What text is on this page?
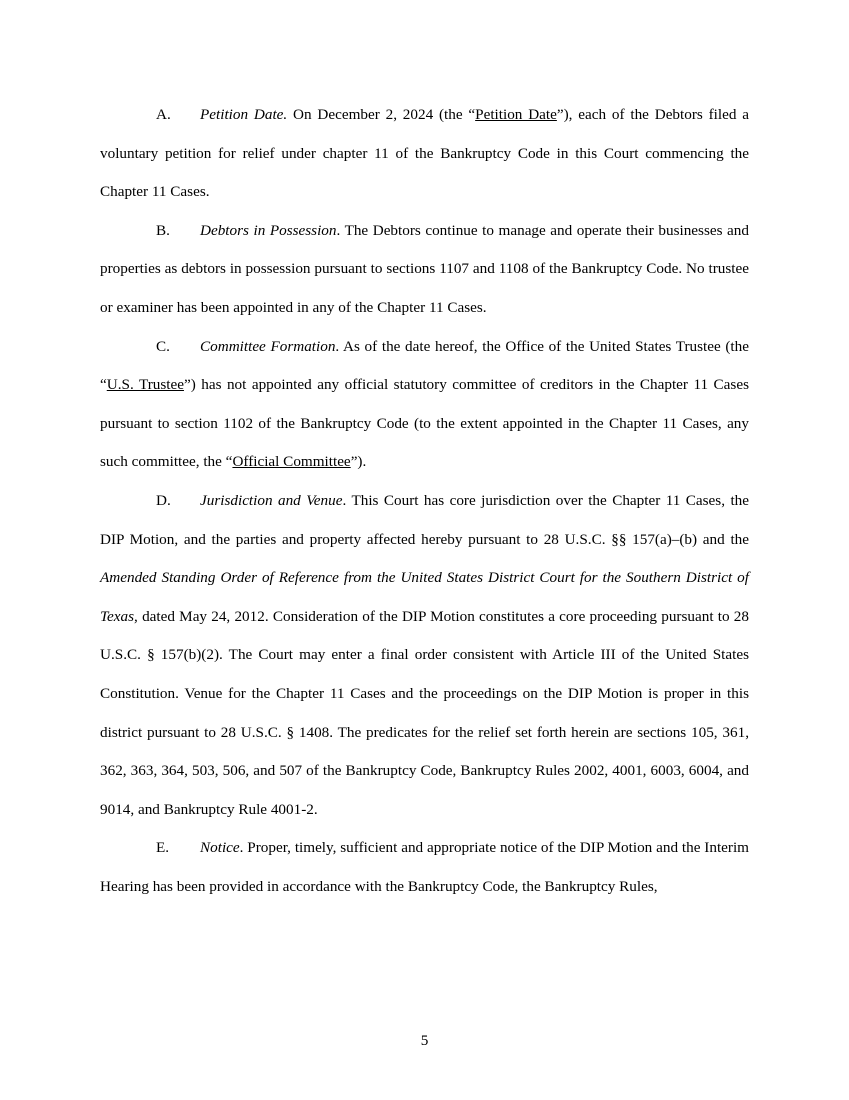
A. Petition Date. On December 2, 2024 (the “Petition Date”), each of the Debtors filed a voluntary petition for relief under chapter 11 of the Bankruptcy Code in this Court commencing the Chapter 11 Cases.

B. Debtors in Possession. The Debtors continue to manage and operate their businesses and properties as debtors in possession pursuant to sections 1107 and 1108 of the Bankruptcy Code. No trustee or examiner has been appointed in any of the Chapter 11 Cases.

C. Committee Formation. As of the date hereof, the Office of the United States Trustee (the “U.S. Trustee”) has not appointed any official statutory committee of creditors in the Chapter 11 Cases pursuant to section 1102 of the Bankruptcy Code (to the extent appointed in the Chapter 11 Cases, any such committee, the “Official Committee”).

D. Jurisdiction and Venue. This Court has core jurisdiction over the Chapter 11 Cases, the DIP Motion, and the parties and property affected hereby pursuant to 28 U.S.C. §§ 157(a)–(b) and the Amended Standing Order of Reference from the United States District Court for the Southern District of Texas, dated May 24, 2012. Consideration of the DIP Motion constitutes a core proceeding pursuant to 28 U.S.C. § 157(b)(2). The Court may enter a final order consistent with Article III of the United States Constitution. Venue for the Chapter 11 Cases and the proceedings on the DIP Motion is proper in this district pursuant to 28 U.S.C. § 1408. The predicates for the relief set forth herein are sections 105, 361, 362, 363, 364, 503, 506, and 507 of the Bankruptcy Code, Bankruptcy Rules 2002, 4001, 6003, 6004, and 9014, and Bankruptcy Rule 4001-2.

E. Notice. Proper, timely, sufficient and appropriate notice of the DIP Motion and the Interim Hearing has been provided in accordance with the Bankruptcy Code, the Bankruptcy Rules,

5
